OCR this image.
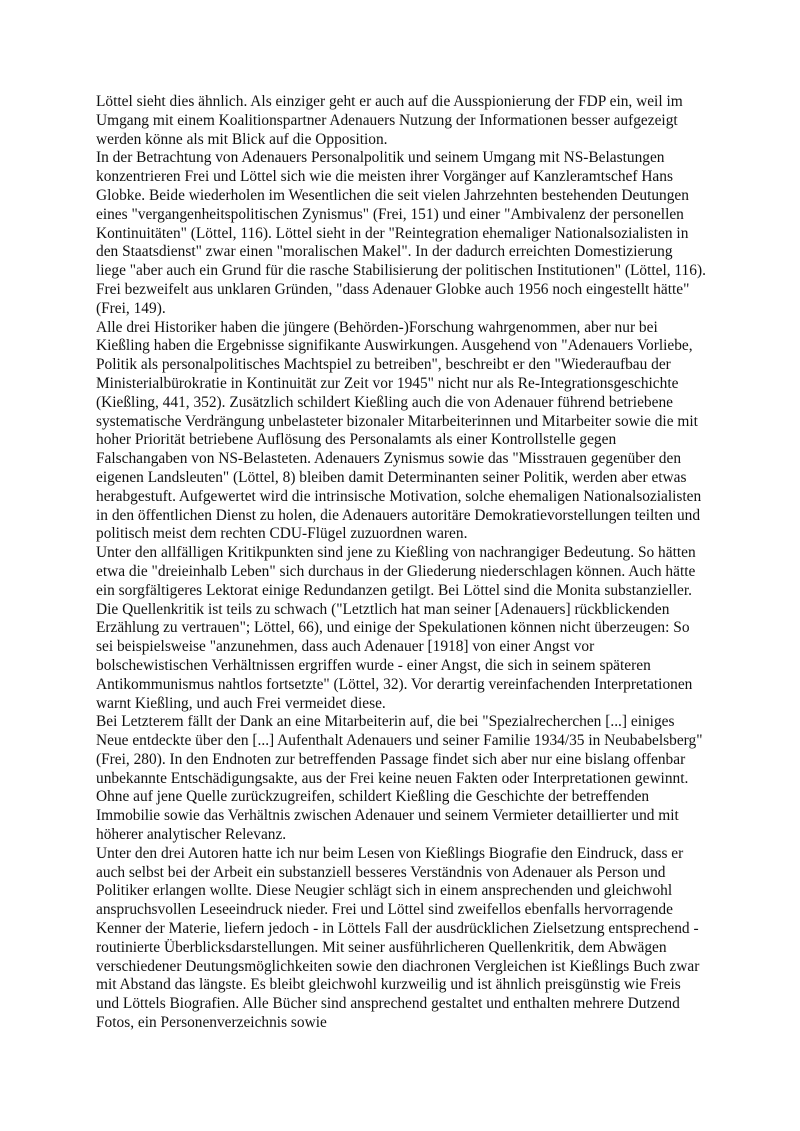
Löttel sieht dies ähnlich. Als einziger geht er auch auf die Ausspionierung der FDP ein, weil im Umgang mit einem Koalitionspartner Adenauers Nutzung der Informationen besser aufgezeigt werden könne als mit Blick auf die Opposition.

In der Betrachtung von Adenauers Personalpolitik und seinem Umgang mit NS-Belastungen konzentrieren Frei und Löttel sich wie die meisten ihrer Vorgänger auf Kanzleramtschef Hans Globke. Beide wiederholen im Wesentlichen die seit vielen Jahrzehnten bestehenden Deutungen eines "vergangenheitspolitischen Zynismus" (Frei, 151) und einer "Ambivalenz der personellen Kontinuitäten" (Löttel, 116). Löttel sieht in der "Reintegration ehemaliger Nationalsozialisten in den Staatsdienst" zwar einen "moralischen Makel". In der dadurch erreichten Domestizierung liege "aber auch ein Grund für die rasche Stabilisierung der politischen Institutionen" (Löttel, 116). Frei bezweifelt aus unklaren Gründen, "dass Adenauer Globke auch 1956 noch eingestellt hätte" (Frei, 149).

Alle drei Historiker haben die jüngere (Behörden-)Forschung wahrgenommen, aber nur bei Kießling haben die Ergebnisse signifikante Auswirkungen. Ausgehend von "Adenauers Vorliebe, Politik als personalpolitisches Machtspiel zu betreiben", beschreibt er den "Wiederaufbau der Ministerialbürokratie in Kontinuität zur Zeit vor 1945" nicht nur als Re-Integrationsgeschichte (Kießling, 441, 352). Zusätzlich schildert Kießling auch die von Adenauer führend betriebene systematische Verdrängung unbelasteter bizonaler Mitarbeiterinnen und Mitarbeiter sowie die mit hoher Priorität betriebene Auflösung des Personalamts als einer Kontrollstelle gegen Falschangaben von NS-Belasteten. Adenauers Zynismus sowie das "Misstrauen gegenüber den eigenen Landsleuten" (Löttel, 8) bleiben damit Determinanten seiner Politik, werden aber etwas herabgestuft. Aufgewertet wird die intrinsische Motivation, solche ehemaligen Nationalsozialisten in den öffentlichen Dienst zu holen, die Adenauers autoritäre Demokratievorstellungen teilten und politisch meist dem rechten CDU-Flügel zuzuordnen waren.

Unter den allfälligen Kritikpunkten sind jene zu Kießling von nachrangiger Bedeutung. So hätten etwa die "dreieinhalb Leben" sich durchaus in der Gliederung niederschlagen können. Auch hätte ein sorgfältigeres Lektorat einige Redundanzen getilgt. Bei Löttel sind die Monita substanzieller. Die Quellenkritik ist teils zu schwach ("Letztlich hat man seiner [Adenauers] rückblickenden Erzählung zu vertrauen"; Löttel, 66), und einige der Spekulationen können nicht überzeugen: So sei beispielsweise "anzunehmen, dass auch Adenauer [1918] von einer Angst vor bolschewistischen Verhältnissen ergriffen wurde - einer Angst, die sich in seinem späteren Antikommunismus nahtlos fortsetzte" (Löttel, 32). Vor derartig vereinfachenden Interpretationen warnt Kießling, und auch Frei vermeidet diese.

Bei Letzterem fällt der Dank an eine Mitarbeiterin auf, die bei "Spezialrecherchen [...] einiges Neue entdeckte über den [...] Aufenthalt Adenauers und seiner Familie 1934/35 in Neubabelsberg" (Frei, 280). In den Endnoten zur betreffenden Passage findet sich aber nur eine bislang offenbar unbekannte Entschädigungsakte, aus der Frei keine neuen Fakten oder Interpretationen gewinnt. Ohne auf jene Quelle zurückzugreifen, schildert Kießling die Geschichte der betreffenden Immobilie sowie das Verhältnis zwischen Adenauer und seinem Vermieter detaillierter und mit höherer analytischer Relevanz.

Unter den drei Autoren hatte ich nur beim Lesen von Kießlings Biografie den Eindruck, dass er auch selbst bei der Arbeit ein substanziell besseres Verständnis von Adenauer als Person und Politiker erlangen wollte. Diese Neugier schlägt sich in einem ansprechenden und gleichwohl anspruchsvollen Leseeindruck nieder. Frei und Löttel sind zweifellos ebenfalls hervorragende Kenner der Materie, liefern jedoch - in Löttels Fall der ausdrücklichen Zielsetzung entsprechend - routinierte Überblicksdarstellungen. Mit seiner ausführlicheren Quellenkritik, dem Abwägen verschiedener Deutungsmöglichkeiten sowie den diachronen Vergleichen ist Kießlings Buch zwar mit Abstand das längste. Es bleibt gleichwohl kurzweilig und ist ähnlich preisgünstig wie Freis und Löttels Biografien. Alle Bücher sind ansprechend gestaltet und enthalten mehrere Dutzend Fotos, ein Personenverzeichnis sowie
